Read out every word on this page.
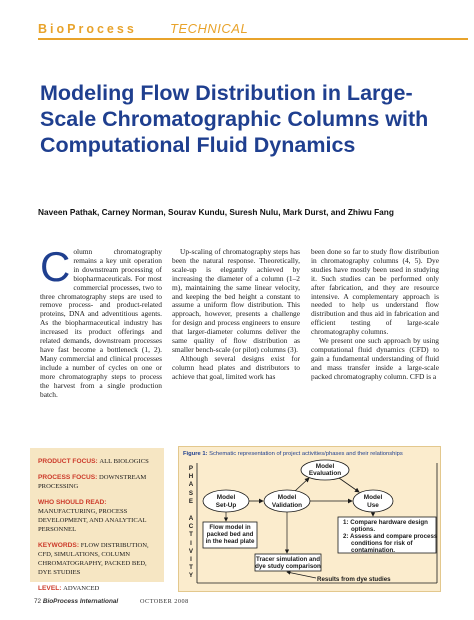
BioProcess	TECHNICAL
Modeling Flow Distribution in Large-Scale Chromatographic Columns with Computational Fluid Dynamics
Naveen Pathak, Carney Norman, Sourav Kundu, Suresh Nulu, Mark Durst, and Zhiwu Fang
C olumn chromatography remains a key unit operation in downstream processing of biopharmaceuticals. For most commercial processes, two to three chromatography steps are used to remove process- and product-related proteins, DNA and adventitious agents. As the biopharmaceutical industry has increased its product offerings and related demands, downstream processes have fast become a bottleneck (1, 2). Many commercial and clinical processes include a number of cycles on one or more chromatography steps to process the harvest from a single production batch.

Up-scaling of chromatography steps has been the natural response. Theoretically, scale-up is elegantly achieved by increasing the diameter of a column (1–2 m), maintaining the same linear velocity, and keeping the bed height a constant to assume a uniform flow distribution. This approach, however, presents a challenge for design and process engineers to ensure that larger-diameter columns deliver the same quality of flow distribution as smaller bench-scale (or pilot) columns (3).

Although several designs exist for column head plates and distributors to achieve that goal, limited work has

been done so far to study flow distribution in chromatography columns (4, 5). Dye studies have mostly been used in studying it. Such studies can be performed only after fabrication, and they are resource intensive. A complementary approach is needed to help us understand flow distribution and thus aid in fabrication and efficient testing of large-scale chromatography columns.

We present one such approach by using computational fluid dynamics (CFD) to gain a fundamental understanding of fluid and mass transfer inside a large-scale packed chromatography column. CFD is a

PRODUCT FOCUS: ALL BIOLOGICS
PROCESS FOCUS: DOWNSTREAM PROCESSING
WHO SHOULD READ: MANUFACTURING, PROCESS DEVELOPMENT, AND ANALYTICAL PERSONNEL
KEYWORDS: FLOW DISTRIBUTION, CFD, SIMULATIONS, COLUMN CHROMATOGRAPHY, PACKED BED, DYE STUDIES
LEVEL: ADVANCED
Figure 1: Schematic representation of project activities/phases and their relationships
P
H
A
S
E
A
C
T
I
V
I
T
Y
Model
Evaluation
Model
Set-Up
Model
Validation
Model
Use
Flow model in
packed bed and
in the head plate
Tracer simulation and
dye study comparison
1: Compare hardware design
options.
2: Assess and compare process
conditions for risk of
contamination.
Results from dye studies
72 BioProcess International	OCTOBER 2008
